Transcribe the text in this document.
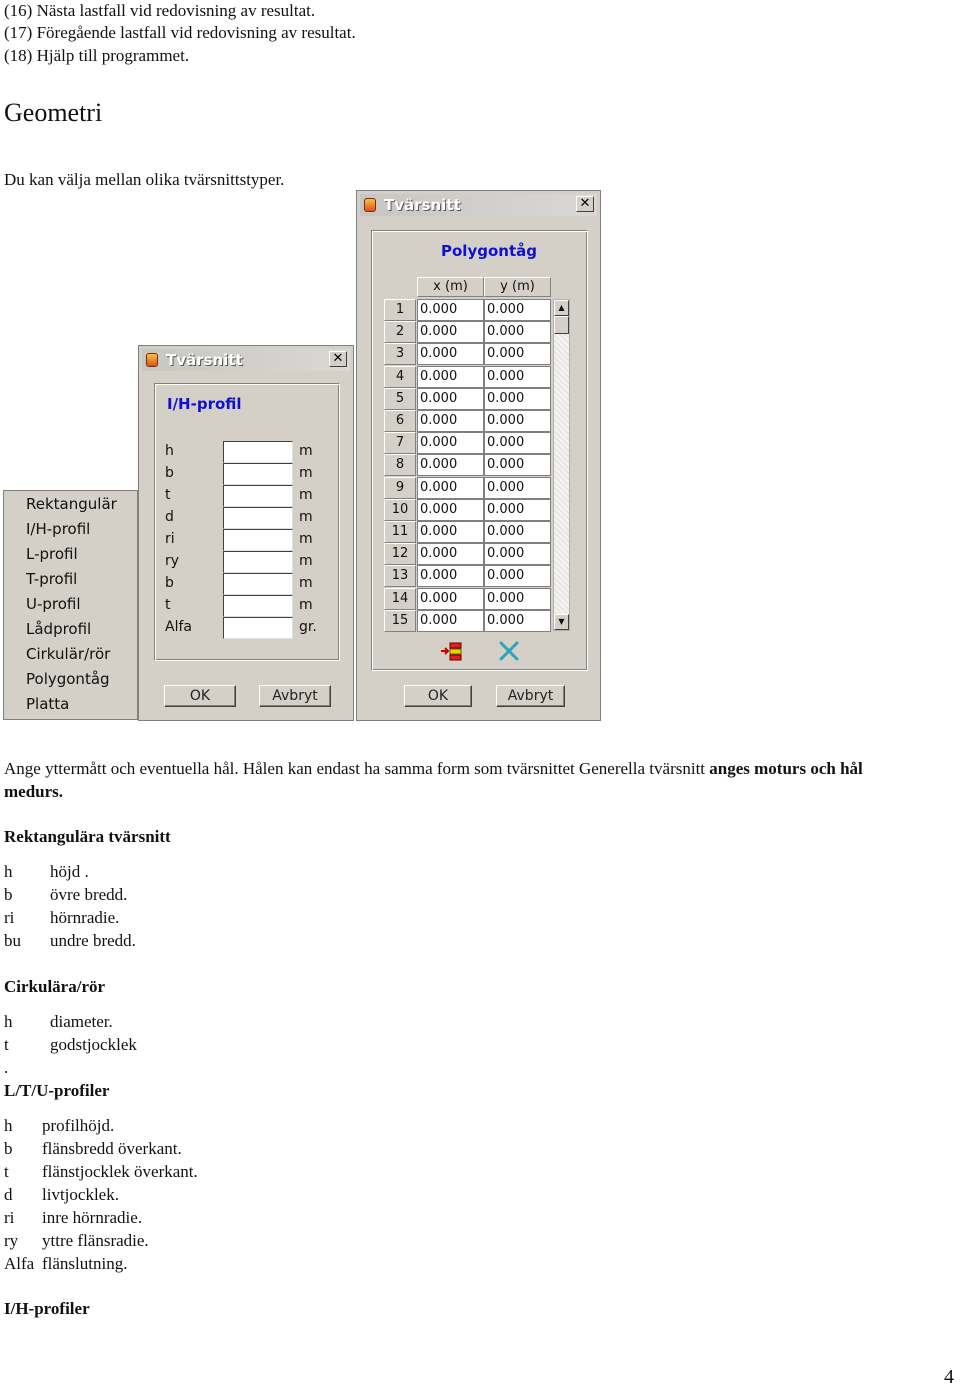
(16) Nästa lastfall vid redovisning av resultat.
(17) Föregående lastfall vid redovisning av resultat.
(18) Hjälp till programmet.
Geometri
Du kan välja mellan olika tvärsnittstyper.
Rektangulär
I/H-profil
L-profil
T-profil
U-profil
Lådprofil
Cirkulär/rör
Polygontåg
Platta
Tvärsnitt	✕
I/H-profil
h	m
b	m
t	m
d	m
ri	m
ry	m
b	m
t	m
Alfa	gr.
OK	Avbryt
Tvärsnitt	✕
Polygontåg
x (m)	y (m)
1	0.000	0.000
2	0.000	0.000
3	0.000	0.000
4	0.000	0.000
5	0.000	0.000
6	0.000	0.000
7	0.000	0.000
8	0.000	0.000
9	0.000	0.000
10 0.000	0.000
11 0.000	0.000
12 0.000	0.000
13 0.000	0.000
14 0.000	0.000
15 0.000	0.000
▲
▼
OK	Avbryt
Ange yttermått och eventuella hål. Hålen kan endast ha samma form som tvärsnittet Generella tvärsnitt anges moturs och hål
medurs.
Rektangulära tvärsnitt
h höjd .
b övre bredd.
ri hörnradie.
bu undre bredd.
Cirkulära/rör
h diameter.
t godstjocklek
.
L/T/U-profiler
h profilhöjd.
b flänsbredd överkant.
t flänstjocklek överkant.
d livtjocklek.
ri inre hörnradie.
ry yttre flänsradie.
Alfa flänslutning.
I/H-profiler
4
